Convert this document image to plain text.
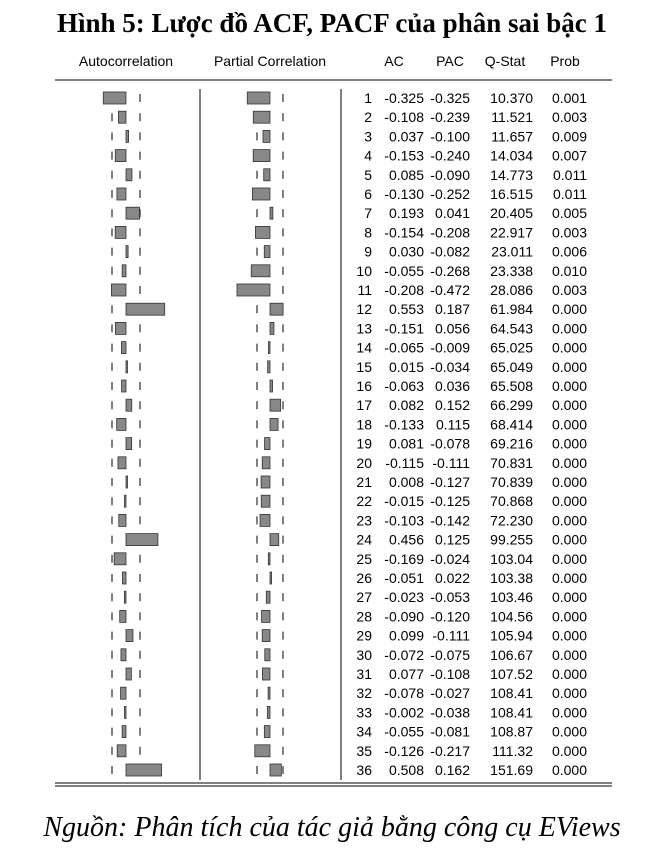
Hình 5: Lược đồ ACF, PACF của phân sai bậc 1
Autocorrelation	Partial Correlation	AC PAC Q-Stat Prob
1 -0.325 -0.325 10.370 0.001
2 -0.108 -0.239 11.521 0.003
3 0.037 -0.100 11.657 0.009
4 -0.153 -0.240 14.034 0.007
5 0.085 -0.090 14.773 0.011
6 -0.130 -0.252 16.515 0.011
7 0.193 0.041 20.405 0.005
8 -0.154 -0.208 22.917 0.003
9 0.030 -0.082 23.011 0.006
10 -0.055 -0.268 23.338 0.010
11 -0.208 -0.472 28.086 0.003
12 0.553 0.187 61.984 0.000
13 -0.151 0.056 64.543 0.000
14 -0.065 -0.009 65.025 0.000
15 0.015 -0.034 65.049 0.000
16 -0.063 0.036 65.508 0.000
17 0.082 0.152 66.299 0.000
18 -0.133 0.115 68.414 0.000
19 0.081 -0.078 69.216 0.000
20 -0.115 -0.111 70.831 0.000
21 0.008 -0.127 70.839 0.000
22 -0.015 -0.125 70.868 0.000
23 -0.103 -0.142 72.230 0.000
24 0.456 0.125 99.255 0.000
25 -0.169 -0.024 103.04 0.000
26 -0.051 0.022 103.38 0.000
27 -0.023 -0.053 103.46 0.000
28 -0.090 -0.120 104.56 0.000
29 0.099 -0.111 105.94 0.000
30 -0.072 -0.075 106.67 0.000
31 0.077 -0.108 107.52 0.000
32 -0.078 -0.027 108.41 0.000
33 -0.002 -0.038 108.41 0.000
34 -0.055 -0.081 108.87 0.000
35 -0.126 -0.217 111.32 0.000
36 0.508 0.162 151.69 0.000
Nguồn: Phân tích của tác giả bằng công cụ EViews
